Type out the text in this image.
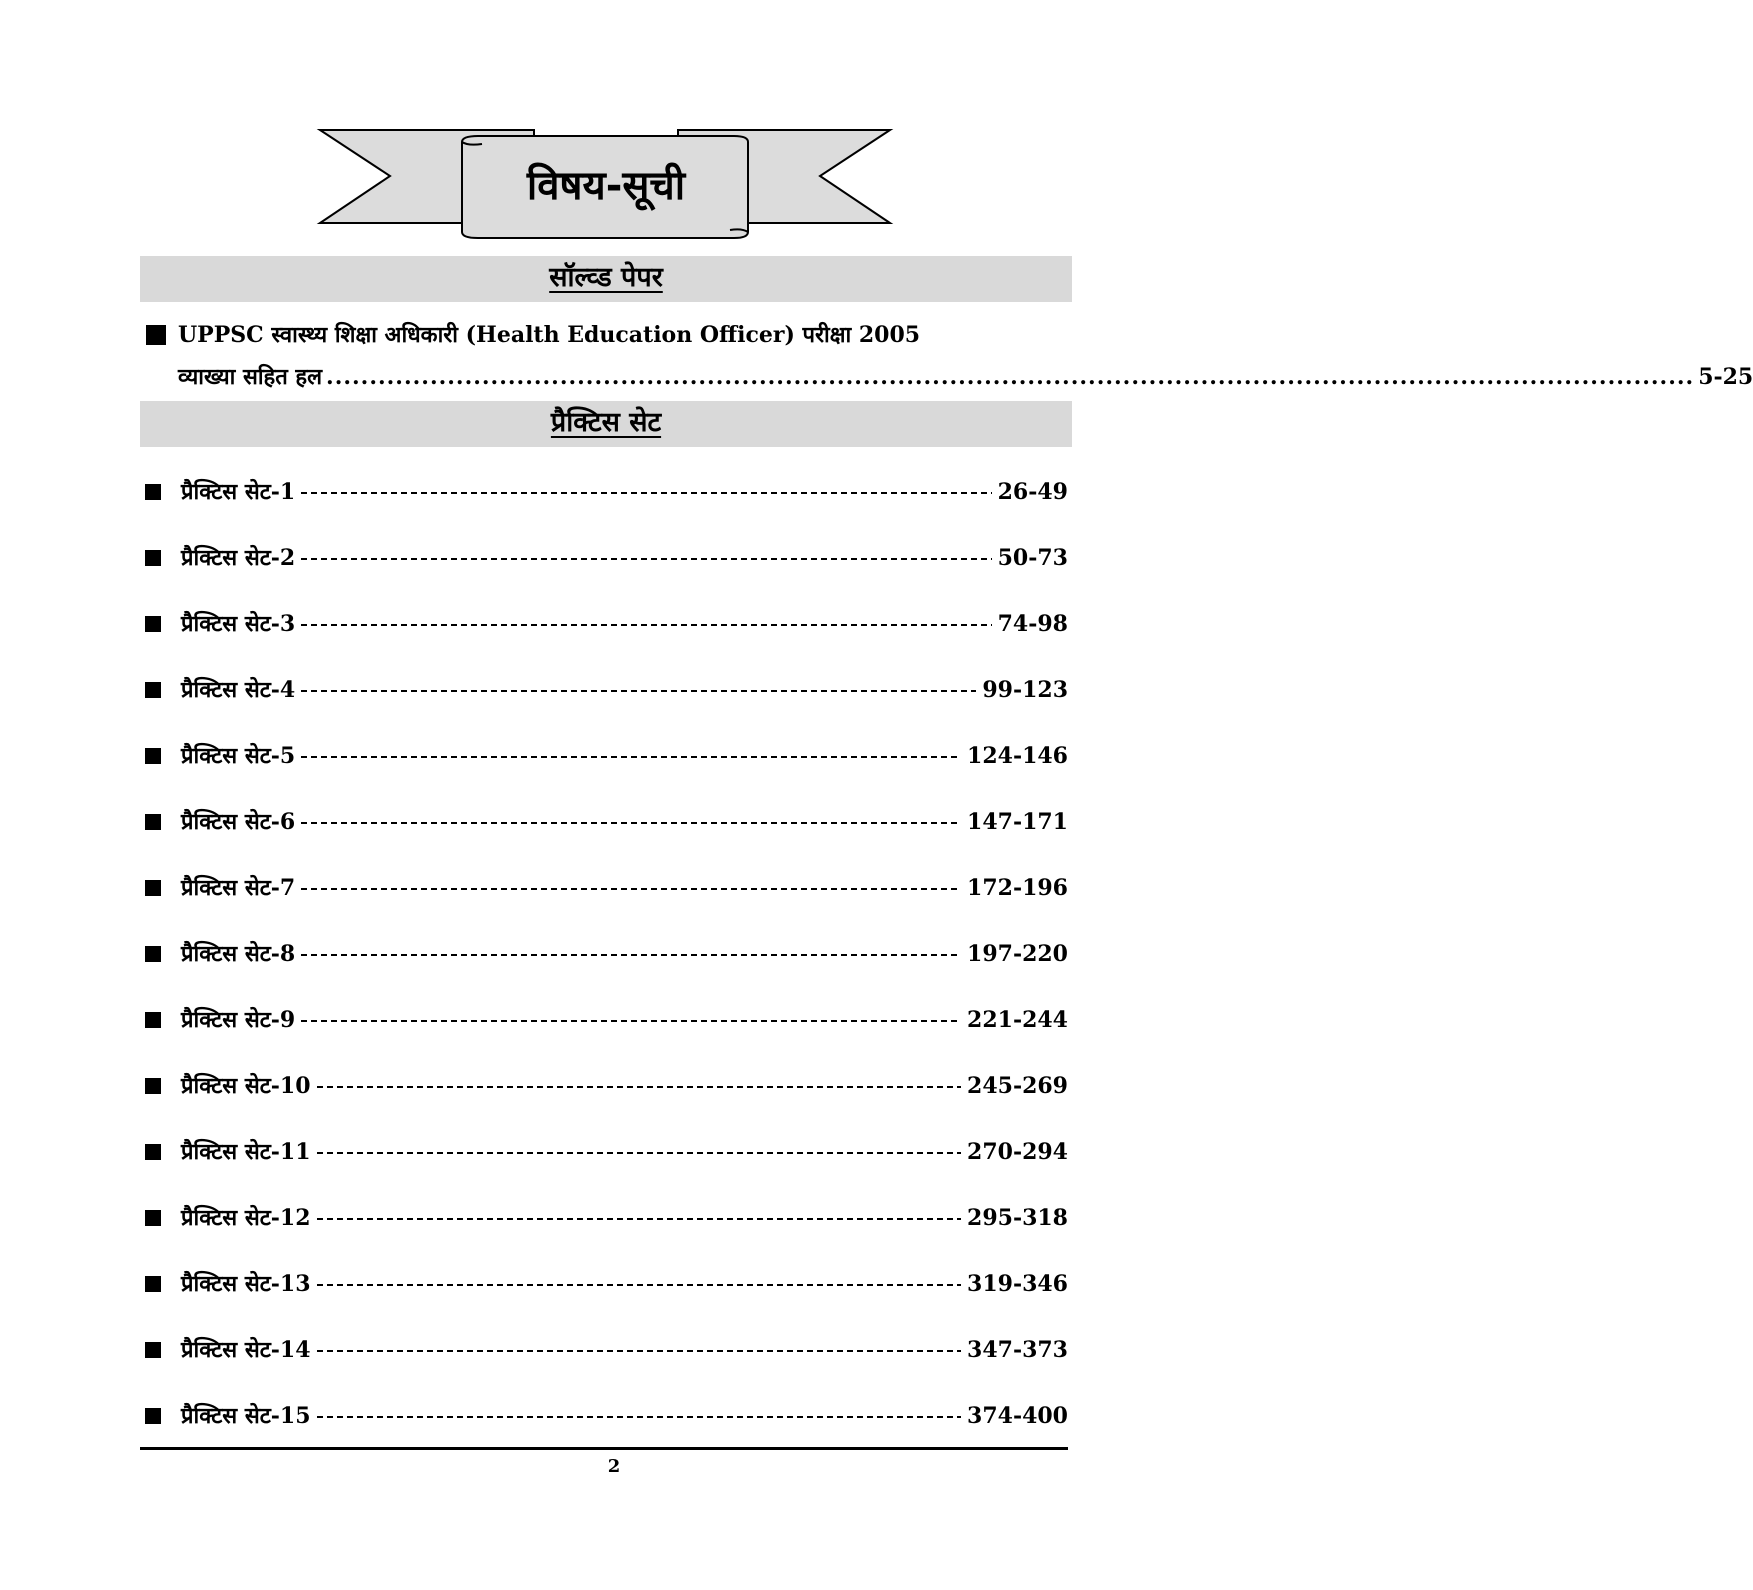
विषय-सूची
सॉल्व्ड पेपर
UPPSC स्वास्थ्य शिक्षा अधिकारी (Health Education Officer) परीक्षा 2005
व्याख्या सहित हल .............................................................................................................................................................. 5-25
प्रैक्टिस सेट
प्रैक्टिस सेट-1	26-49
प्रैक्टिस सेट-2	50-73
प्रैक्टिस सेट-3	74-98
प्रैक्टिस सेट-4	99-123
प्रैक्टिस सेट-5	124-146
प्रैक्टिस सेट-6	147-171
प्रैक्टिस सेट-7	172-196
प्रैक्टिस सेट-8	197-220
प्रैक्टिस सेट-9	221-244
प्रैक्टिस सेट-10	245-269
प्रैक्टिस सेट-11	270-294
प्रैक्टिस सेट-12	295-318
प्रैक्टिस सेट-13	319-346
प्रैक्टिस सेट-14	347-373
प्रैक्टिस सेट-15	374-400
2
